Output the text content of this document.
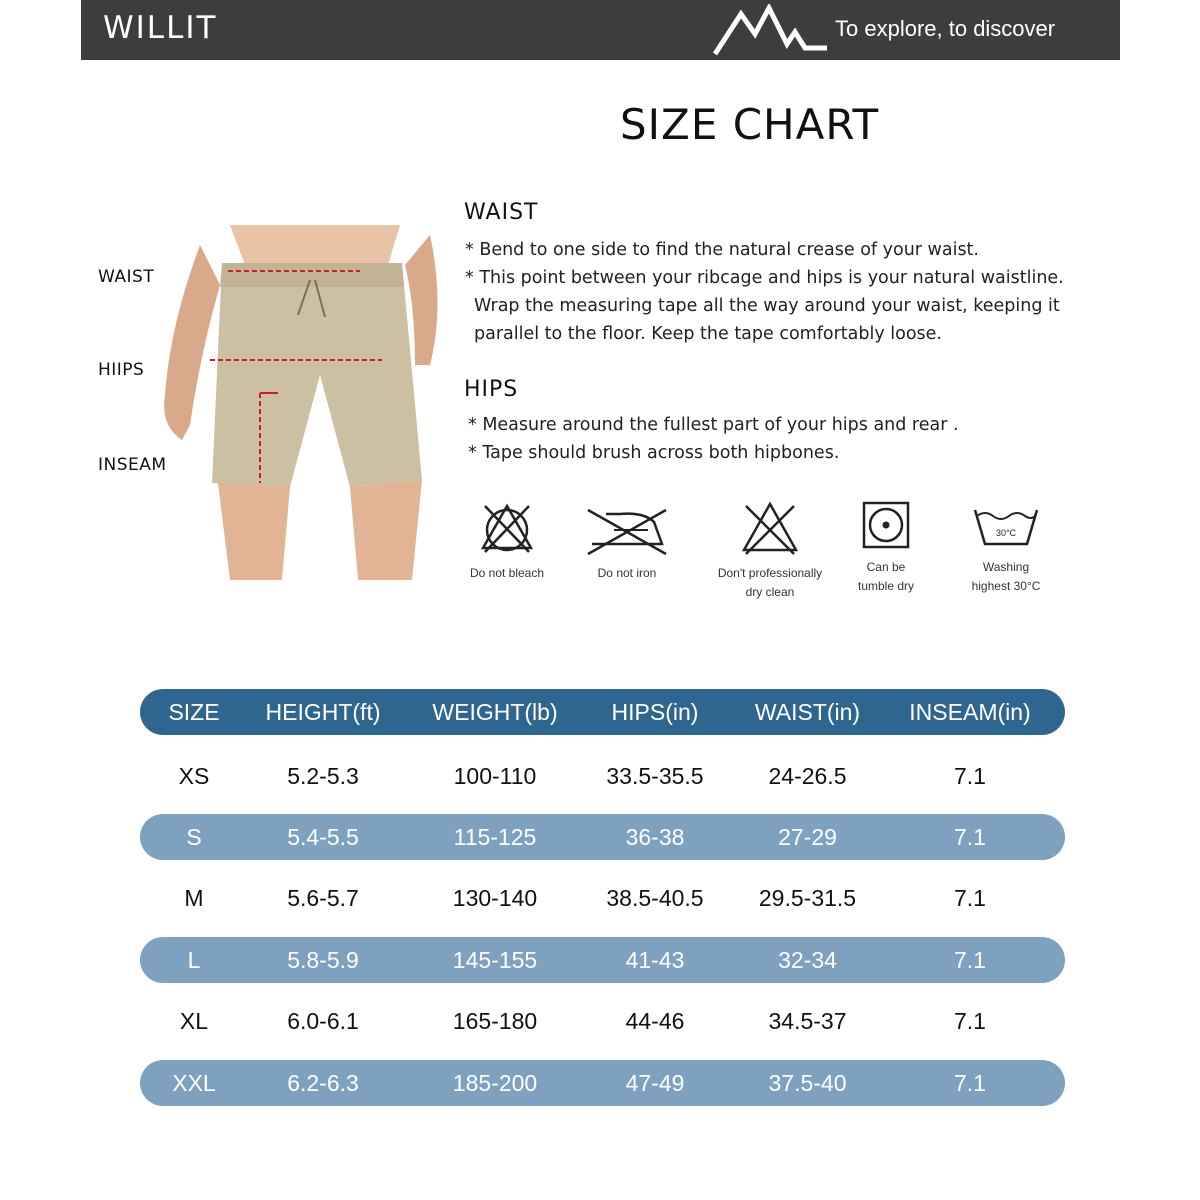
WILLIT	To explore, to discover
SIZE CHART
WAIST
HIIPS
INSEAM
WAIST
* Bend to one side to find the natural crease of your waist.
* This point between your ribcage and hips is your natural waistline.
Wrap the measuring tape all the way around your waist, keeping it
parallel to the floor. Keep the tape comfortably loose.
HIPS
* Measure around the fullest part of your hips and rear .
* Tape should brush across both hipbones.
Do not bleach	Do not iron	Don't professionally
dry clean
Can be
tumble dry
30°C
Washing
highest 30°C
SIZE	HEIGHT(ft)	WEIGHT(lb)	HIPS(in)	WAIST(in)	INSEAM(in)
XS	5.2-5.3	100-110	33.5-35.5	24-26.5	7.1
S	5.4-5.5	115-125	36-38	27-29	7.1
M	5.6-5.7	130-140	38.5-40.5	29.5-31.5	7.1
L	5.8-5.9	145-155	41-43	32-34	7.1
XL	6.0-6.1	165-180	44-46	34.5-37	7.1
XXL	6.2-6.3	185-200	47-49	37.5-40	7.1
